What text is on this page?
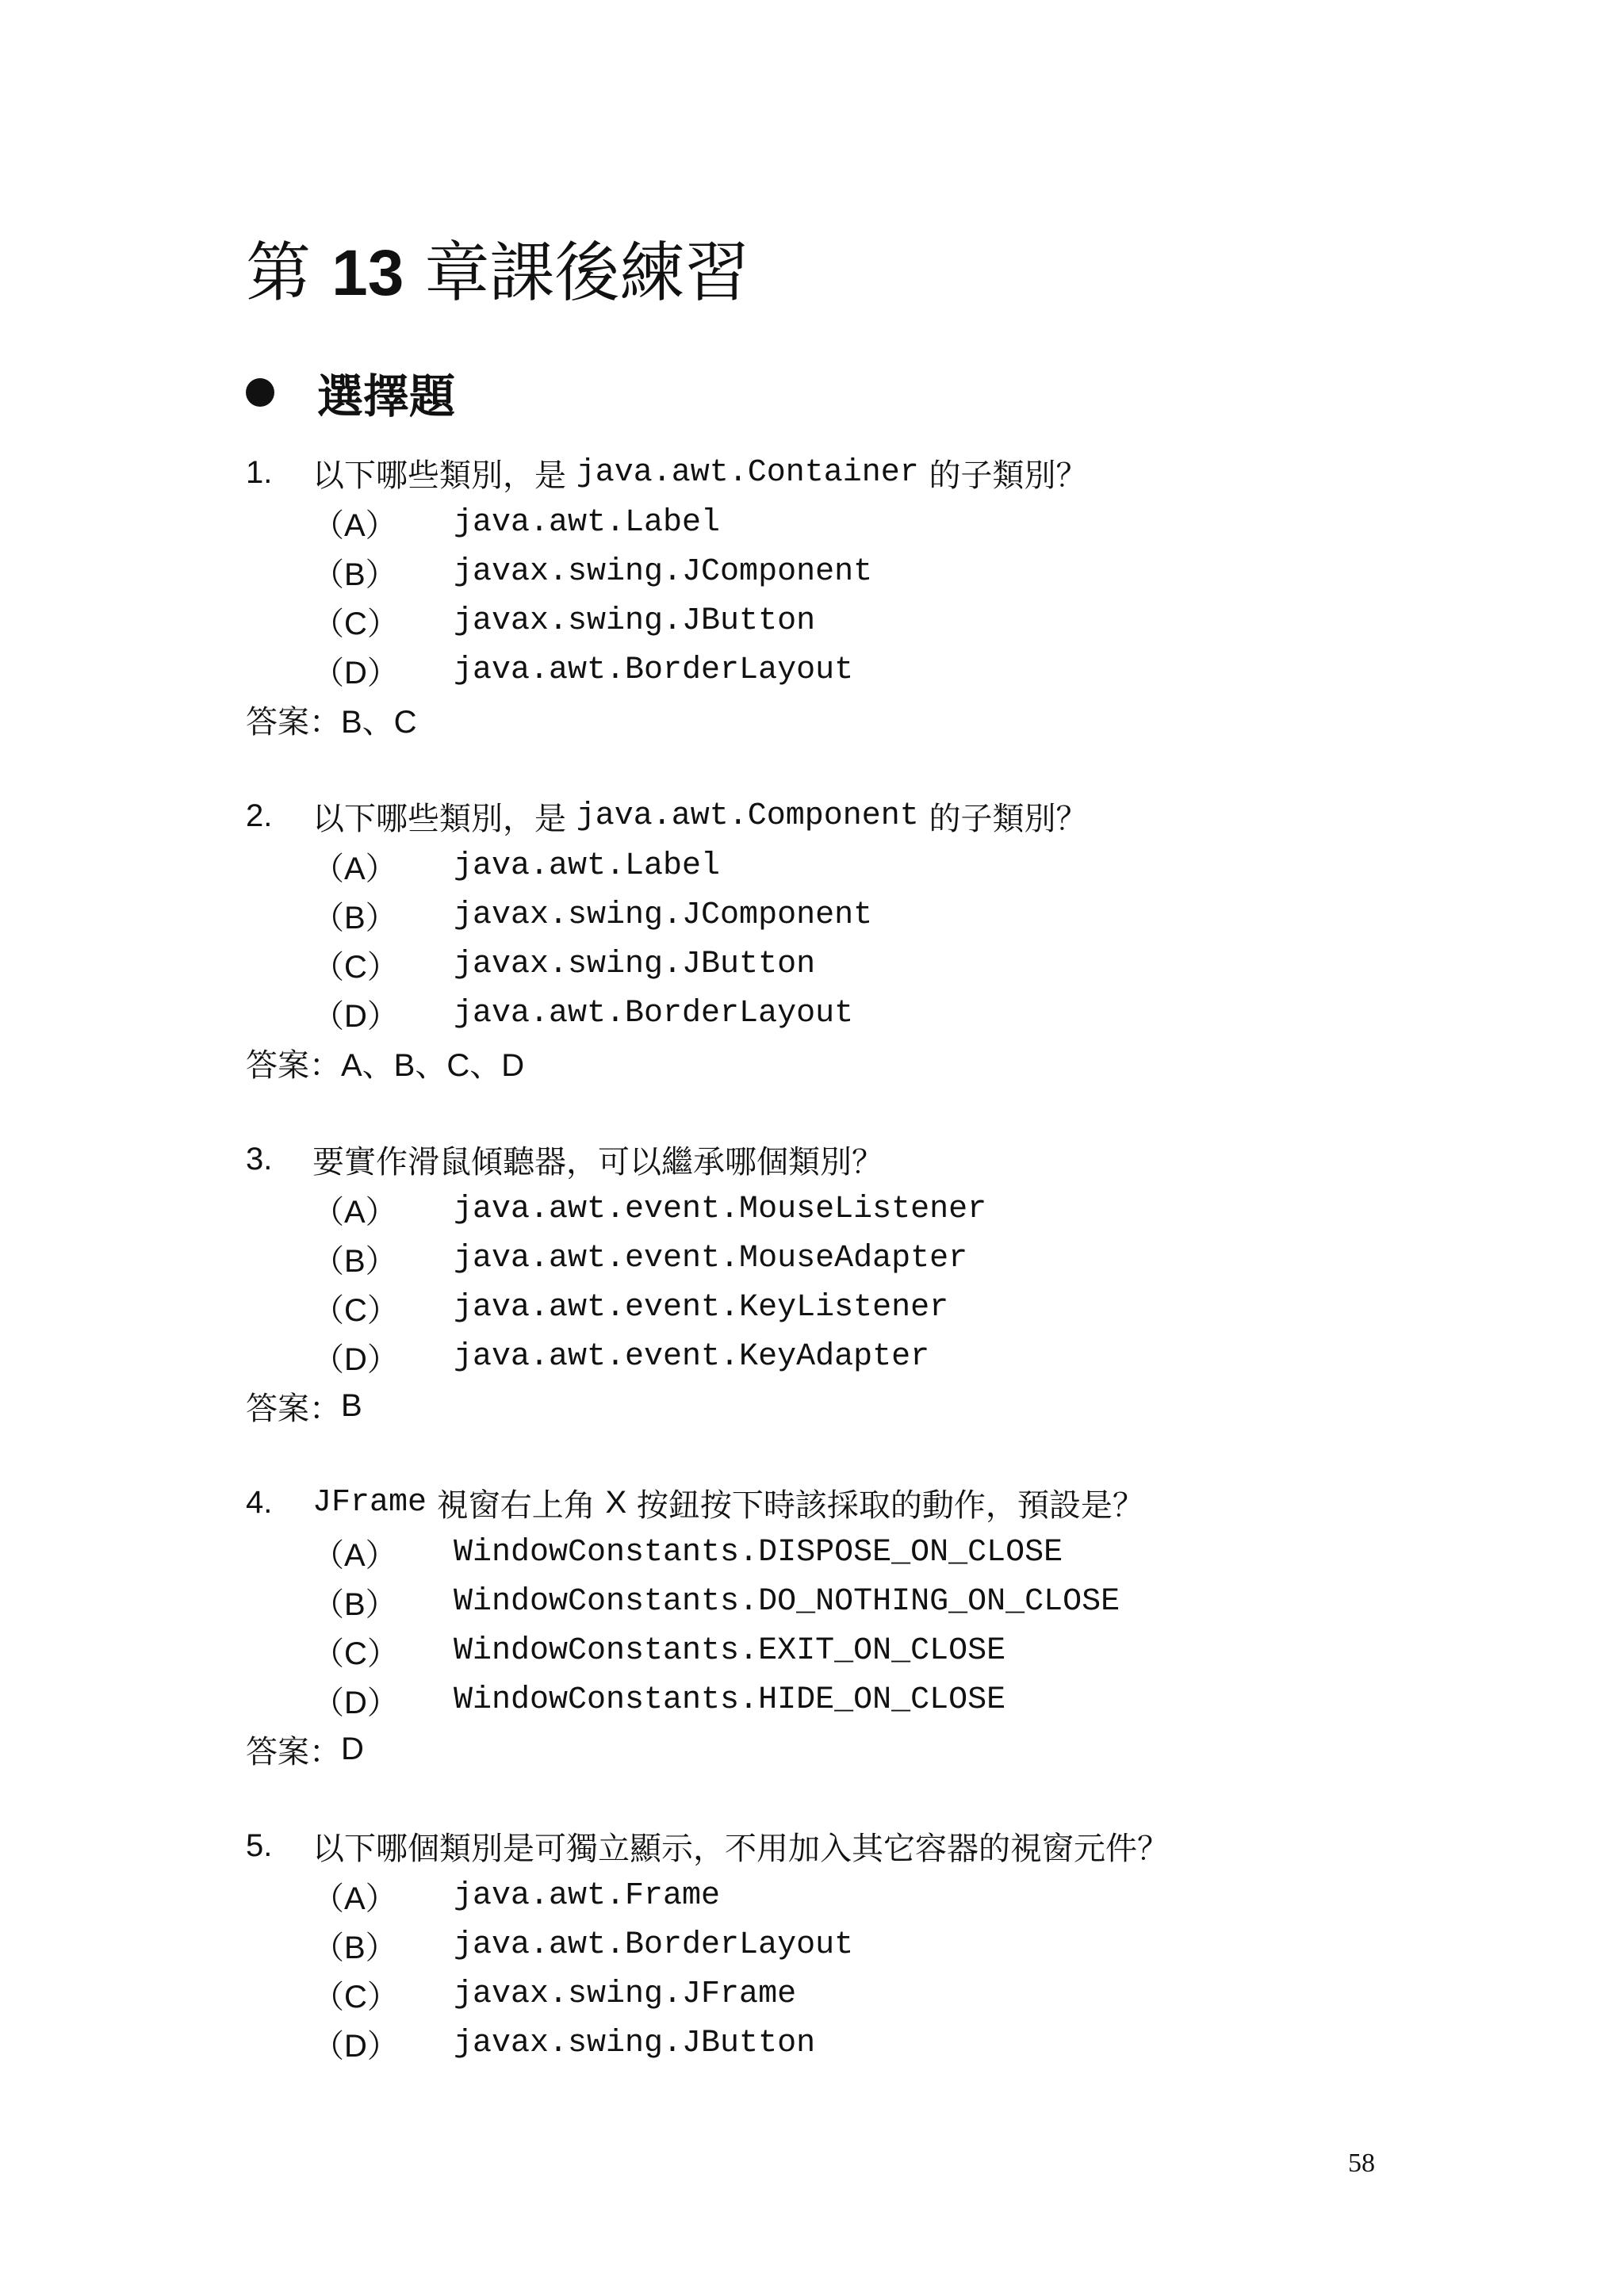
第 13 章課後練習
選擇題
1.	以下哪些類別，是 java.awt.Container 的子類別？
（A）	java.awt.Label
（B）	javax.swing.JComponent
（C）	javax.swing.JButton
（D）	java.awt.BorderLayout
答案： B、C
2.	以下哪些類別，是 java.awt.Component 的子類別？
（A）	java.awt.Label
（B）	javax.swing.JComponent
（C）	javax.swing.JButton
（D）	java.awt.BorderLayout
答案： A、B、C、D
3.	要實作滑鼠傾聽器，可以繼承哪個類別？
（A）	java.awt.event.MouseListener
（B）	java.awt.event.MouseAdapter
（C）	java.awt.event.KeyListener
（D）	java.awt.event.KeyAdapter
答案： B
4.	JFrame 視窗右上角 X 按鈕按下時該採取的動作，預設是？
（A）	WindowConstants.DISPOSE_ON_CLOSE
（B）	WindowConstants.DO_NOTHING_ON_CLOSE
（C）	WindowConstants.EXIT_ON_CLOSE
（D）	WindowConstants.HIDE_ON_CLOSE
答案： D
5.	以下哪個類別是可獨立顯示，不用加入其它容器的視窗元件？
（A）	java.awt.Frame
（B）	java.awt.BorderLayout
（C）	javax.swing.JFrame
（D）	javax.swing.JButton
58
